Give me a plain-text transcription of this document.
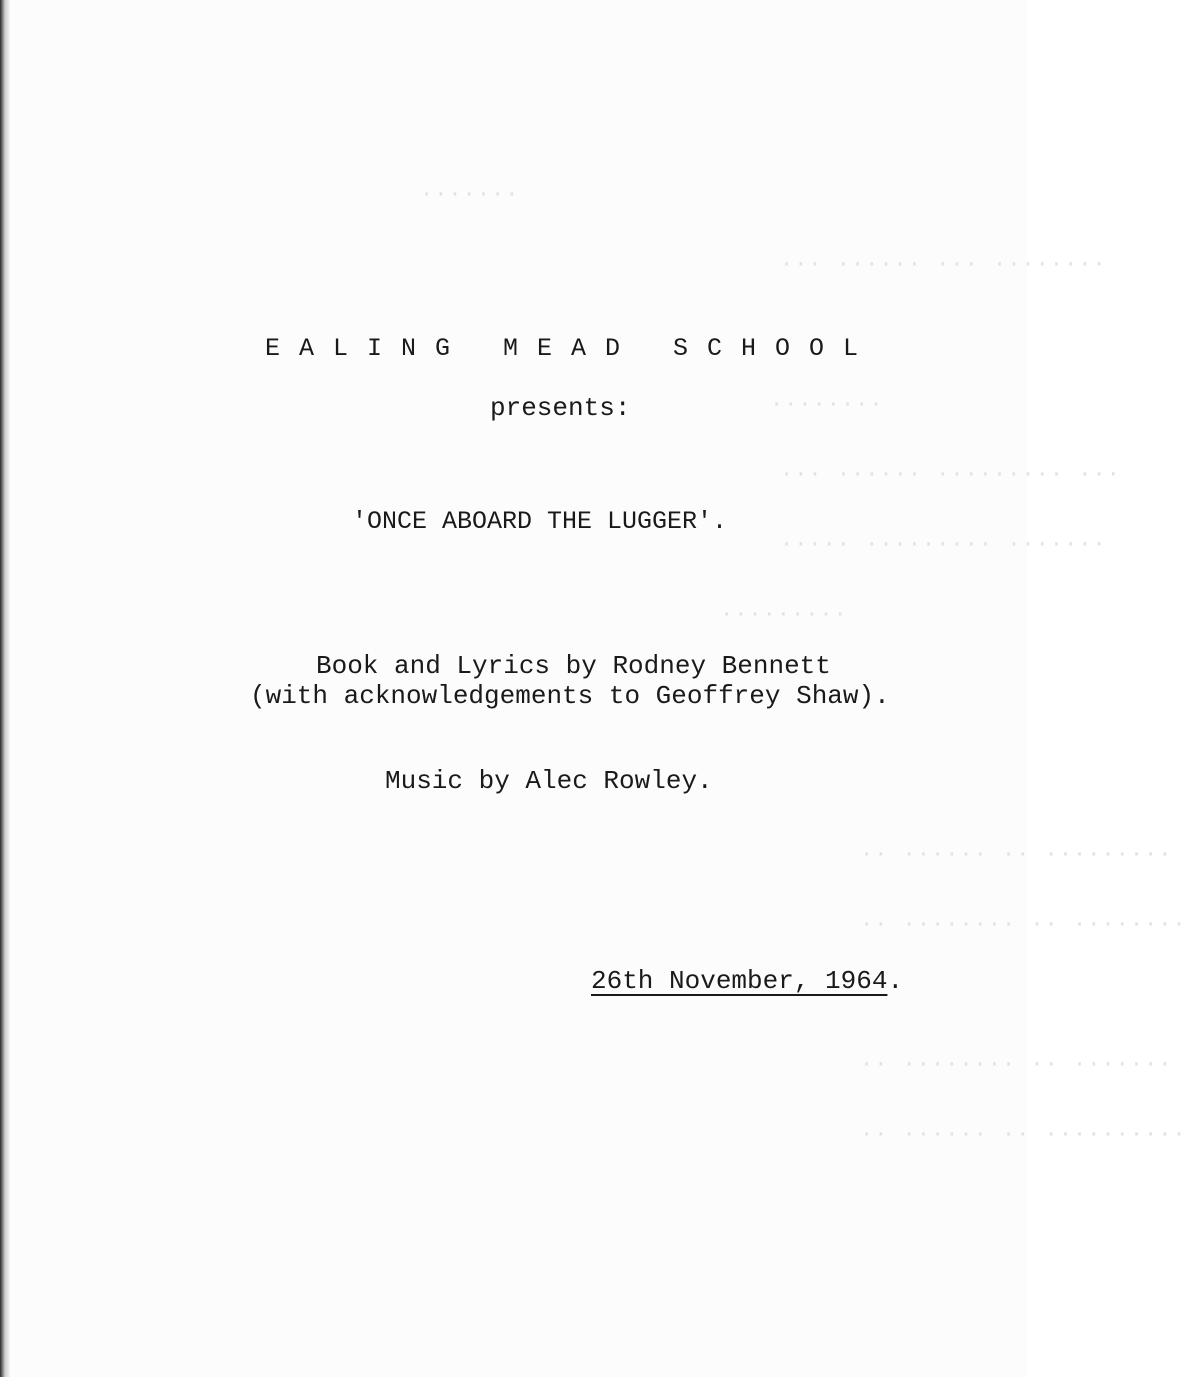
·······
··· ······ ··· ········
········
··· ······ ········· ···
····· ········· ·······
·········
·· ······ ·· ·········
·· ········ ·· ········
·· ········ ·· ·······
·· ······ ·· ··········
EALING MEAD SCHOOL
presents:
'ONCE ABOARD THE LUGGER'.
Book and Lyrics by Rodney Bennett
(with acknowledgements to Geoffrey Shaw).
Music by Alec Rowley.
26th November, 1964.
